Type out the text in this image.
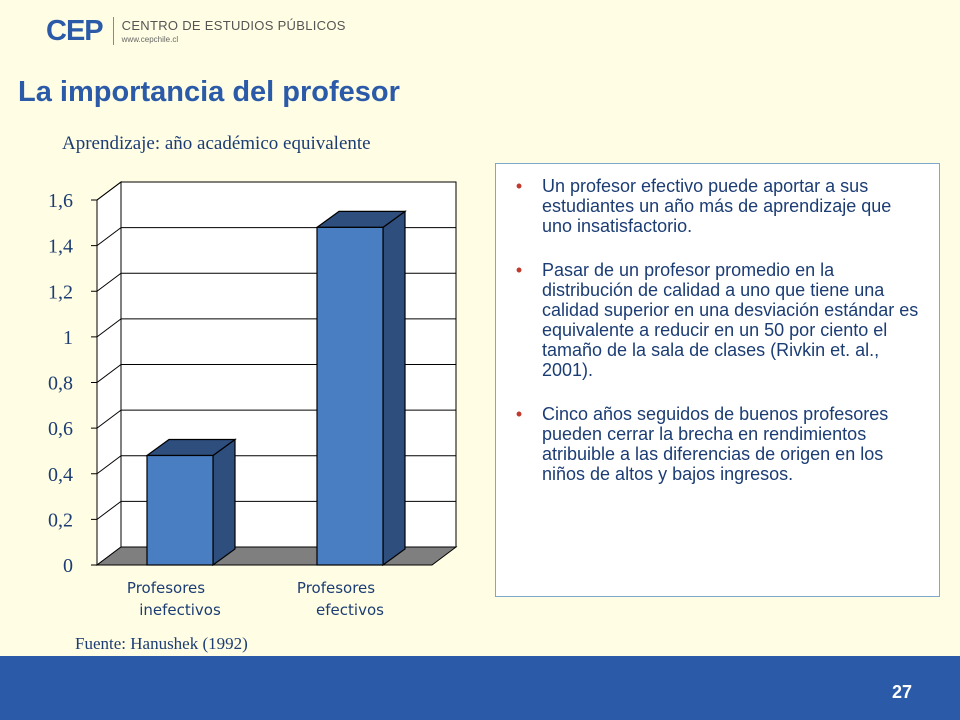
CEP CENTRO DE ESTUDIOS PÚBLICOS
www.cepchile.cl
La importancia del profesor
Aprendizaje: año académico equivalente
0
0,2
0,4
0,6
0,8
1
1,2
1,4
1,6
Profesores
inefectivos
Profesores
efectivos
Fuente: Hanushek (1992)
•	Un profesor efectivo puede aportar a sus estudiantes un año más de aprendizaje que uno insatisfactorio.
•	Pasar de un profesor promedio en la distribución de calidad a uno que tiene una calidad superior en una desviación estándar es equivalente a reducir en un 50 por ciento el tamaño de la sala de clases (Rivkin et. al., 2001).
•	Cinco años seguidos de buenos profesores pueden cerrar la brecha en rendimientos atribuible a las diferencias de origen en los niños de altos y bajos ingresos.
27
